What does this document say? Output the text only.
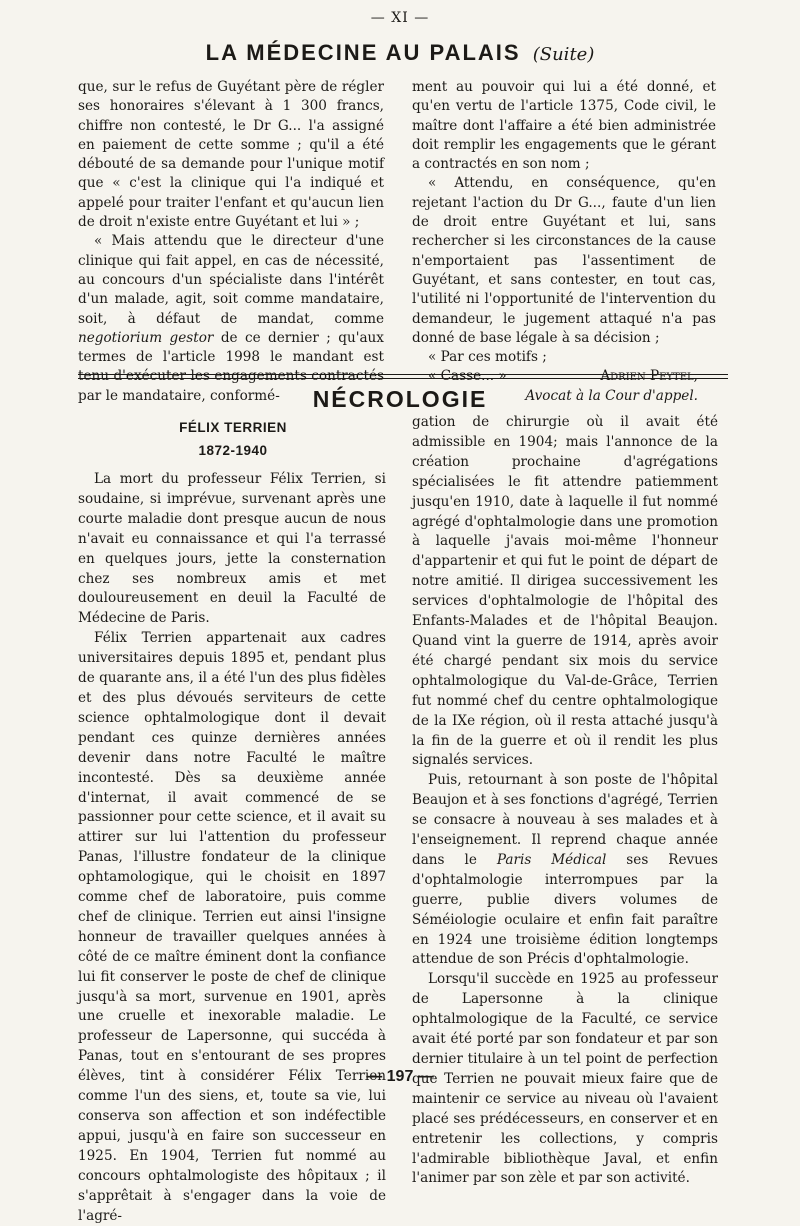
— XI —
LA MÉDECINE AU PALAIS (Suite)

que, sur le refus de Guyétant père de régler ses honoraires s'élevant à 1 300 francs, chiffre non contesté, le Dr G... l'a assigné en paiement de cette somme ; qu'il a été débouté de sa demande pour l'unique motif que « c'est la clinique qui l'a indiqué et appelé pour traiter l'enfant et qu'aucun lien de droit n'existe entre Guyétant et lui » ;

« Mais attendu que le directeur d'une clinique qui fait appel, en cas de nécessité, au concours d'un spécialiste dans l'intérêt d'un malade, agit, soit comme mandataire, soit, à défaut de mandat, comme negotiorium gestor de ce dernier ; qu'aux termes de l'article 1998 le mandant est tenu d'exécuter les engagements contractés par le mandataire, conformé-

ment au pouvoir qui lui a été donné, et qu'en vertu de l'article 1375, Code civil, le maître dont l'affaire a été bien administrée doit remplir les engagements que le gérant a contractés en son nom ;

« Attendu, en conséquence, qu'en rejetant l'action du Dr G..., faute d'un lien de droit entre Guyétant et lui, sans rechercher si les circonstances de la cause n'emportaient pas l'assentiment de Guyétant, et sans contester, en tout cas, l'utilité ni l'opportunité de l'intervention du demandeur, le jugement attaqué n'a pas donné de base légale à sa décision ;

« Par ces motifs ;

« Casse... »	Adrien Peytel,

Avocat à la Cour d'appel.

NÉCROLOGIE
FÉLIX TERRIEN
1872-1940

La mort du professeur Félix Terrien, si soudaine, si imprévue, survenant après une courte maladie dont presque aucun de nous n'avait eu connaissance et qui l'a terrassé en quelques jours, jette la consternation chez ses nombreux amis et met douloureusement en deuil la Faculté de Médecine de Paris.

Félix Terrien appartenait aux cadres universitaires depuis 1895 et, pendant plus de quarante ans, il a été l'un des plus fidèles et des plus dévoués serviteurs de cette science ophtalmologique dont il devait pendant ces quinze dernières années devenir dans notre Faculté le maître incontesté. Dès sa deuxième année d'internat, il avait commencé de se passionner pour cette science, et il avait su attirer sur lui l'attention du professeur Panas, l'illustre fondateur de la clinique ophtamologique, qui le choisit en 1897 comme chef de laboratoire, puis comme chef de clinique. Terrien eut ainsi l'insigne honneur de travailler quelques années à côté de ce maître éminent dont la confiance lui fit conserver le poste de chef de clinique jusqu'à sa mort, survenue en 1901, après une cruelle et inexorable maladie. Le professeur de Lapersonne, qui succéda à Panas, tout en s'entourant de ses propres élèves, tint à considérer Félix Terrien comme l'un des siens, et, toute sa vie, lui conserva son affection et son indéfectible appui, jusqu'à en faire son successeur en 1925. En 1904, Terrien fut nommé au concours ophtalmologiste des hôpitaux ; il s'apprêtait à s'engager dans la voie de l'agré-

gation de chirurgie où il avait été admissible en 1904; mais l'annonce de la création prochaine d'agrégations spécialisées le fit attendre patiemment jusqu'en 1910, date à laquelle il fut nommé agrégé d'ophtalmologie dans une promotion à laquelle j'avais moi-même l'honneur d'appartenir et qui fut le point de départ de notre amitié. Il dirigea successivement les services d'ophtalmologie de l'hôpital des Enfants-Malades et de l'hôpital Beaujon. Quand vint la guerre de 1914, après avoir été chargé pendant six mois du service ophtalmologique du Val-de-Grâce, Terrien fut nommé chef du centre ophtalmologique de la IXe région, où il resta attaché jusqu'à la fin de la guerre et où il rendit les plus signalés services.

Puis, retournant à son poste de l'hôpital Beaujon et à ses fonctions d'agrégé, Terrien se consacre à nouveau à ses malades et à l'enseignement. Il reprend chaque année dans le Paris Médical ses Revues d'ophtalmologie interrompues par la guerre, publie divers volumes de Séméiologie oculaire et enfin fait paraître en 1924 une troisième édition longtemps attendue de son Précis d'ophtalmologie.

Lorsqu'il succède en 1925 au professeur de Lapersonne à la clinique ophtalmologique de la Faculté, ce service avait été porté par son fondateur et par son dernier titulaire à un tel point de perfection que Terrien ne pouvait mieux faire que de maintenir ce service au niveau où l'avaient placé ses prédécesseurs, en conserver et en entretenir les collections, y compris l'admirable bibliothèque Javal, et enfin l'animer par son zèle et par son activité.

— 197 —
